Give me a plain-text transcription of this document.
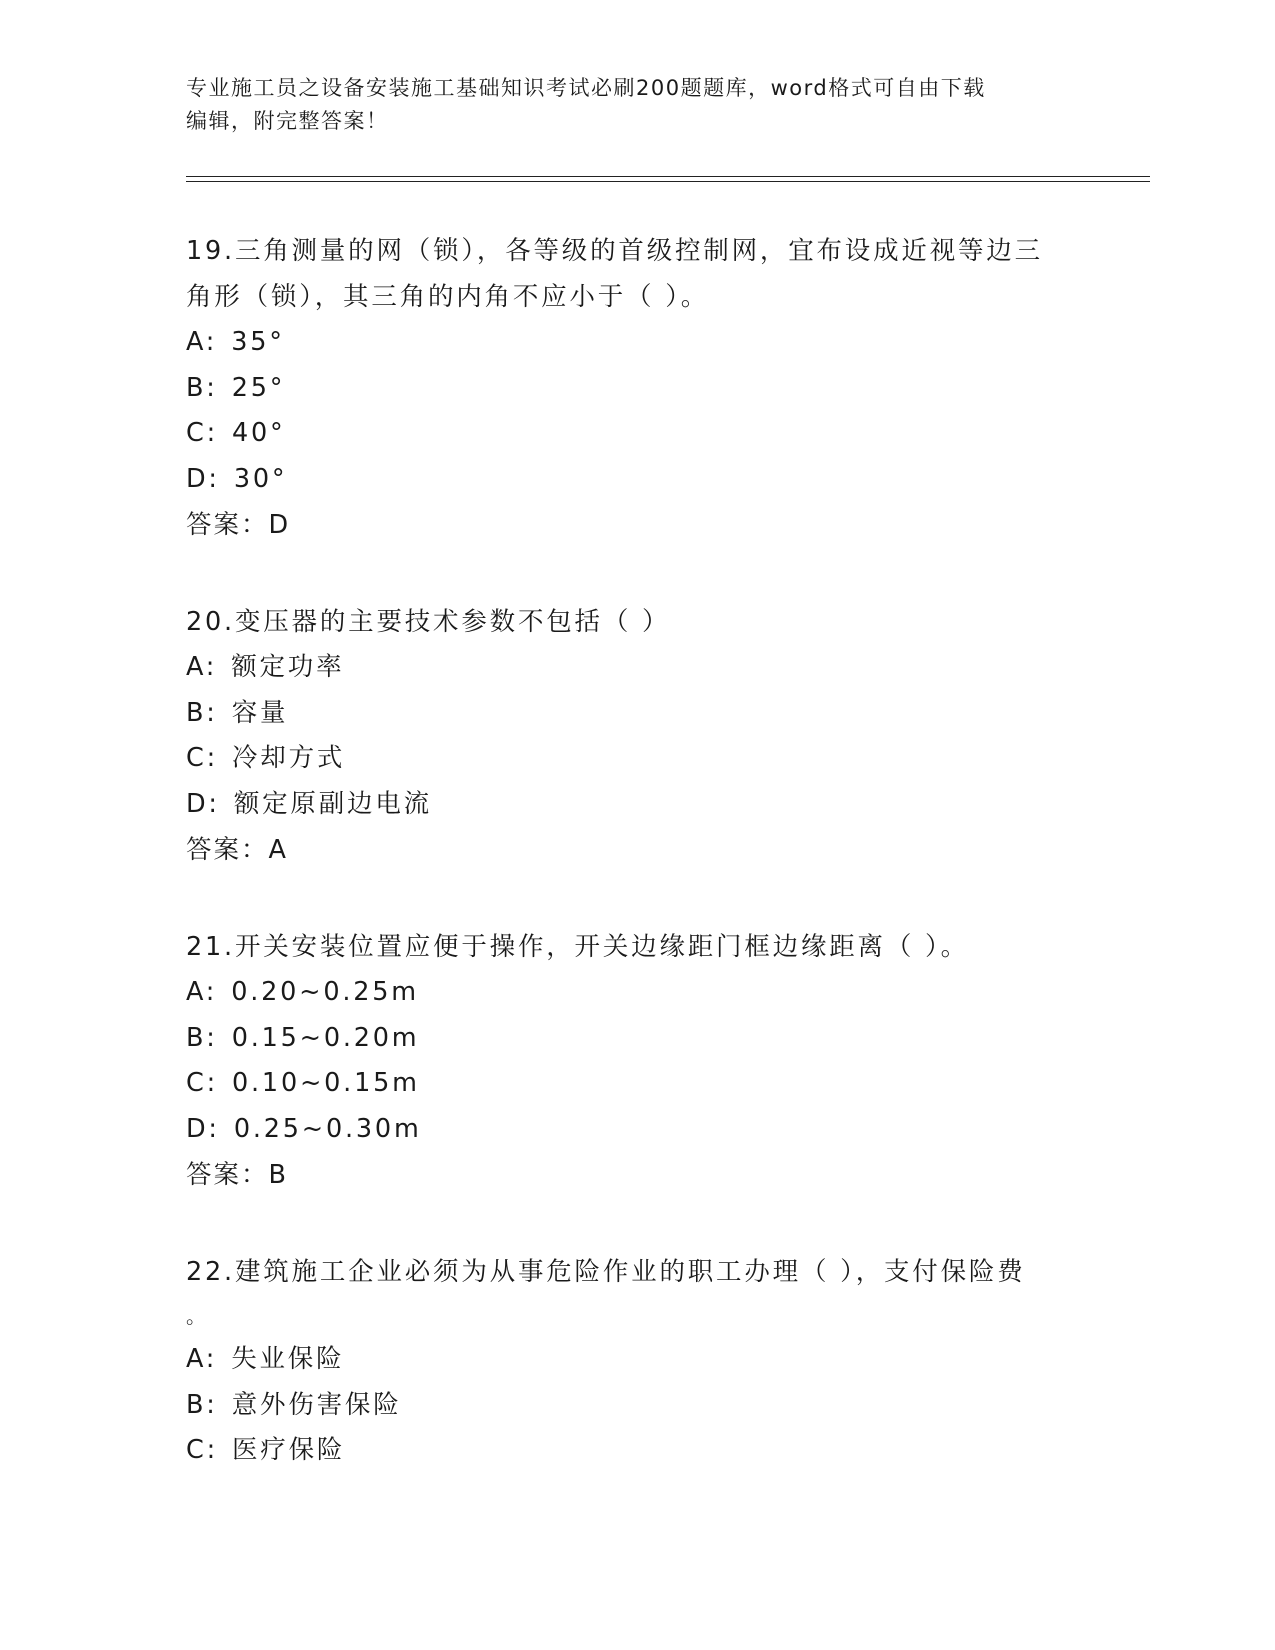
专业施工员之设备安装施工基础知识考试必刷200题题库，word格式可自由下载
编辑，附完整答案！
19.三角测量的网（锁），各等级的首级控制网，宜布设成近视等边三
角形（锁），其三角的内角不应小于（ ）。
A: 35°
B: 25°
C: 40°
D: 30°
答案：D
20.变压器的主要技术参数不包括（ ）
A: 额定功率
B: 容量
C: 冷却方式
D: 额定原副边电流
答案：A
21.开关安装位置应便于操作，开关边缘距门框边缘距离（ ）。
A: 0.20~0.25m
B: 0.15~0.20m
C: 0.10~0.15m
D: 0.25~0.30m
答案：B
22.建筑施工企业必须为从事危险作业的职工办理（ ），支付保险费
。
A: 失业保险
B: 意外伤害保险
C: 医疗保险
